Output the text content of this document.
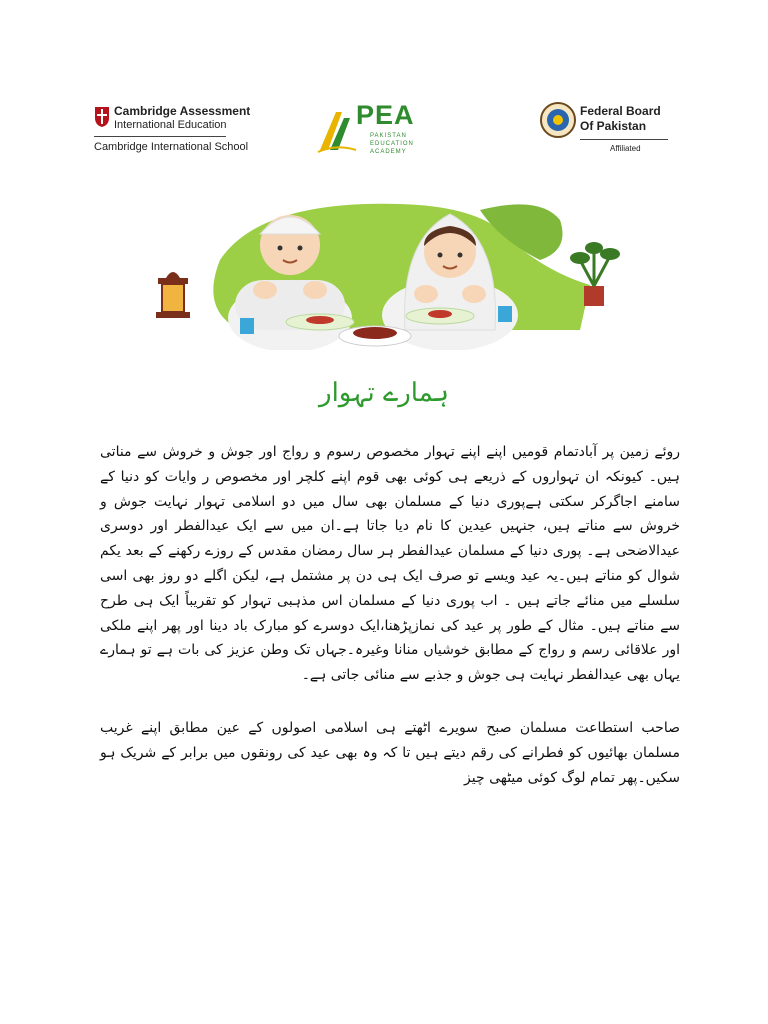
Cambridge Assessment
International Education
Cambridge International School
PEA
PAKISTAN
EDUCATION
ACADEMY
Federal Board
Of Pakistan
Affiliated
ہمارے تہوار

روئے زمین پر آبادتمام قومیں اپنے اپنے تہوار مخصوص رسوم و رواج اور جوش و خروش سے مناتی ہیں۔ کیونکہ ان تہواروں کے ذریعے ہی کوئی بھی قوم اپنے کلچر اور مخصوص ر وایات کو دنیا کے سامنے اجاگرکر سکتی ہےپوری دنیا کے مسلمان بھی سال میں دو اسلامی تہوار نہایت جوش و خروش سے مناتے ہیں، جنہیں عیدین کا نام دیا جاتا ہے۔ان میں سے ایک عیدالفطر اور دوسری عیدالاضحی ہے۔ پوری دنیا کے مسلمان عیدالفطر ہر سال رمضان مقدس کے روزے رکھنے کے بعد یکم شوال کو مناتے ہیں۔یہ عید ویسے تو صرف ایک ہی دن پر مشتمل ہے، لیکن اگلے دو روز بھی اسی سلسلے میں منائے جاتے ہیں ۔ اب پوری دنیا کے مسلمان اس مذہبی تہوار کو تقریباً ایک ہی طرح سے مناتے ہیں۔ مثال کے طور پر عید کی نمازپڑھنا،ایک دوسرے کو مبارک باد دینا اور پھر اپنے ملکی اور علاقائی رسم و رواج کے مطابق خوشیاں منانا وغیرہ۔جہاں تک وطن عزیز کی بات ہے تو ہمارے یہاں بھی عیدالفطر نہایت ہی جوش و جذبے سے منائی جاتی ہے۔

صاحب استطاعت مسلمان صبح سویرے اٹھتے ہی اسلامی اصولوں کے عین مطابق اپنے غریب مسلمان بھائیوں کو فطرانے کی رقم دیتے ہیں تا کہ وہ بھی عید کی رونقوں میں برابر کے شریک ہو سکیں۔پھر تمام لوگ کوئی میٹھی چیز
